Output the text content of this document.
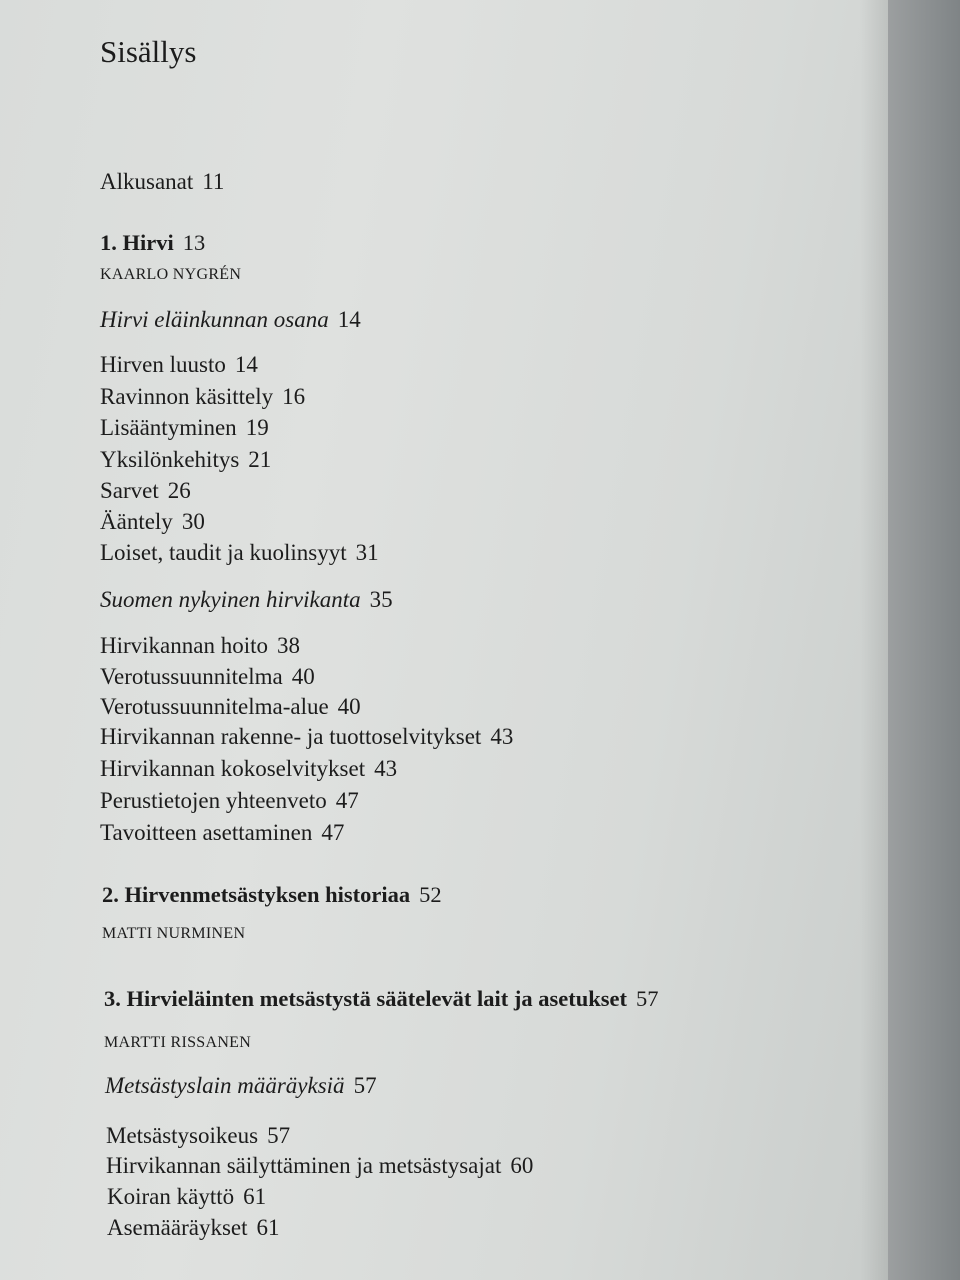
Sisällys
Alkusanat 11
1. Hirvi 13
KAARLO NYGRÉN
Hirvi eläinkunnan osana 14
Hirven luusto 14
Ravinnon käsittely 16
Lisääntyminen 19
Yksilönkehitys 21
Sarvet 26
Ääntely 30
Loiset, taudit ja kuolinsyyt 31
Suomen nykyinen hirvikanta 35
Hirvikannan hoito 38
Verotussuunnitelma 40
Verotussuunnitelma-alue 40
Hirvikannan rakenne- ja tuottoselvitykset 43
Hirvikannan kokoselvitykset 43
Perustietojen yhteenveto 47
Tavoitteen asettaminen 47
2. Hirvenmetsästyksen historiaa 52
MATTI NURMINEN
3. Hirvieläinten metsästystä säätelevät lait ja asetukset 57
MARTTI RISSANEN
Metsästyslain määräyksiä 57
Metsästysoikeus 57
Hirvikannan säilyttäminen ja metsästysajat 60
Koiran käyttö 61
Asemääräykset 61
